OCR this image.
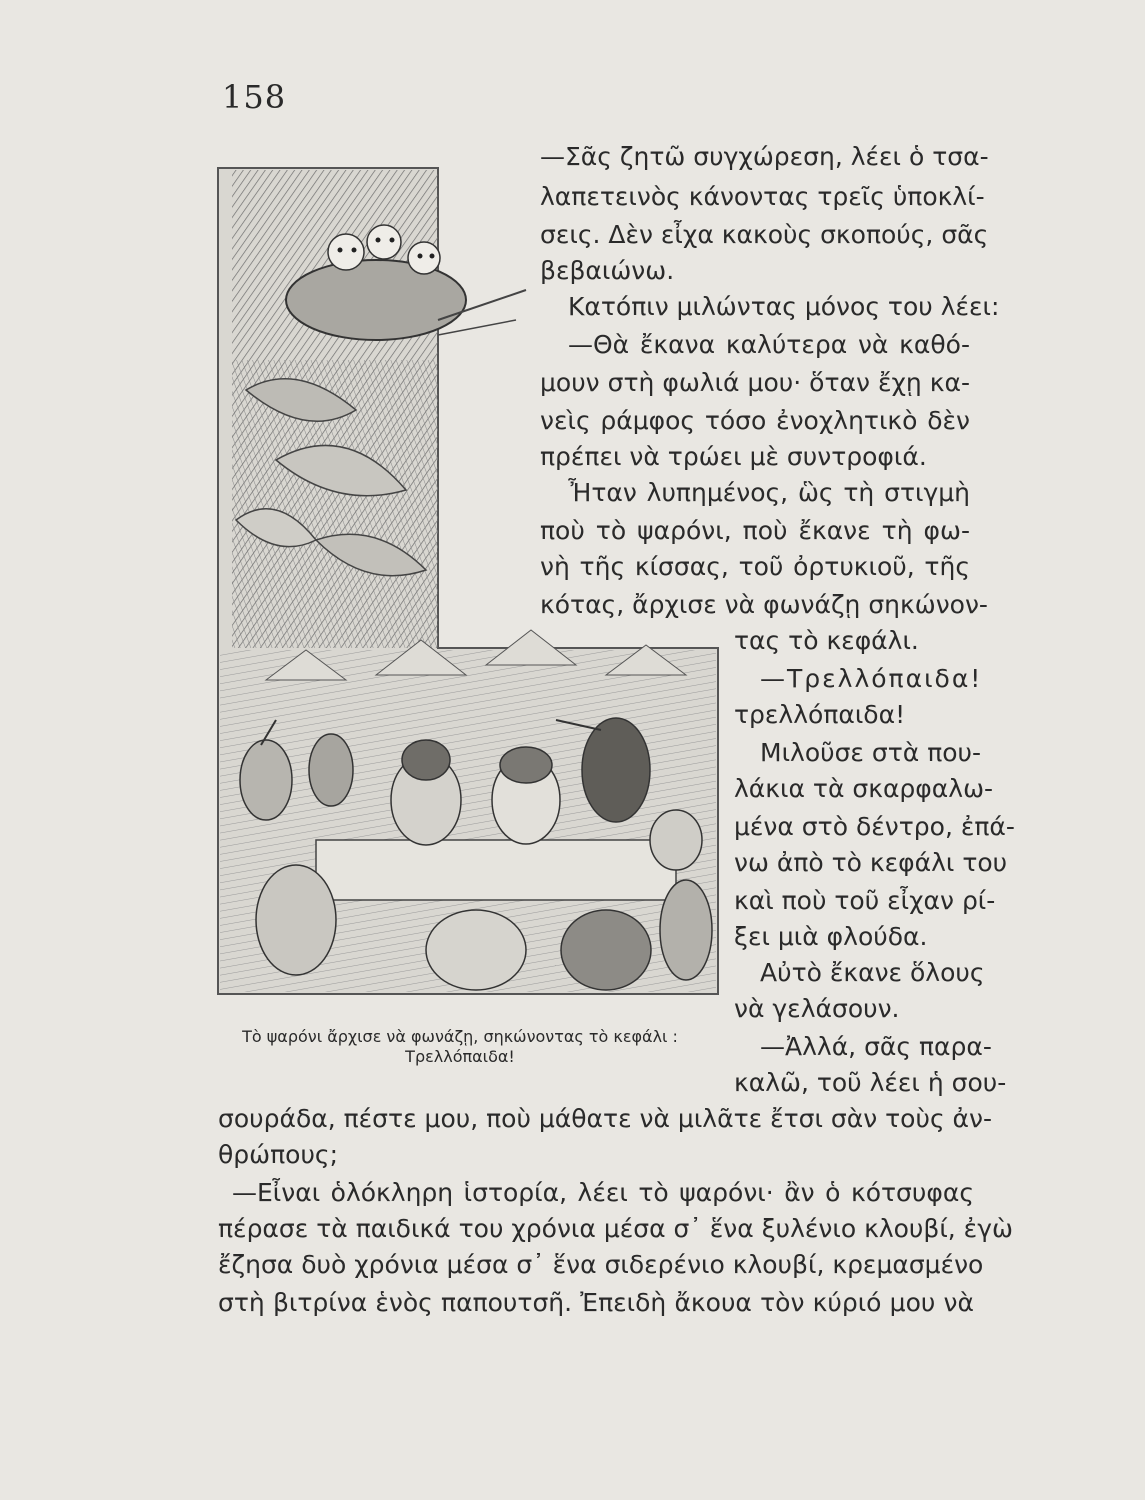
158
—Σᾶς ζητῶ συγχώρεση, λέει ὁ τσα-
λαπετεινὸς κάνοντας τρεῖς ὑποκλί-
σεις. Δὲν εἶχα κακοὺς σκοπούς, σᾶς
βεβαιώνω.
Κατόπιν μιλώντας μόνος του λέει:
—Θὰ ἔκανα καλύτερα νὰ καθό-
μουν στὴ φωλιά μου· ὅταν ἔχῃ κα-
νεὶς ράμφος τόσο ἐνοχλητικὸ δὲν
πρέπει νὰ τρώει μὲ συντροφιά.
Ἦταν λυπημένος, ὣς τὴ στιγμὴ
ποὺ τὸ ψαρόνι, ποὺ ἔκανε τὴ φω-
νὴ τῆς κίσσας, τοῦ ὀρτυκιοῦ, τῆς
κότας, ἄρχισε νὰ φωνάζῃ σηκώνον-
τας τὸ κεφάλι.
—Τρελλόπαιδα!
τρελλόπαιδα!
Μιλοῦσε στὰ που-
λάκια τὰ σκαρφαλω-
μένα στὸ δέντρο, ἐπά-
νω ἀπὸ τὸ κεφάλι του
καὶ ποὺ τοῦ εἶχαν ρί-
ξει μιὰ φλούδα.
Αὐτὸ ἔκανε ὅλους
νὰ γελάσουν.
—Ἀλλά, σᾶς παρα-
καλῶ, τοῦ λέει ἡ σου-
Τὸ ψαρόνι ἄρχισε νὰ φωνάζῃ, σηκώνοντας τὸ κεφάλι :
Τρελλόπαιδα!
σουράδα, πέστε μου, ποὺ μάθατε νὰ μιλᾶτε ἔτσι σὰν τοὺς ἀν-
θρώπους;
—Εἶναι ὁλόκληρη ἱστορία, λέει τὸ ψαρόνι· ἂν ὁ κότσυφας
πέρασε τὰ παιδικά του χρόνια μέσα σ᾽ ἕνα ξυλένιο κλουβί, ἐγὼ
ἔζησα δυὸ χρόνια μέσα σ᾽ ἕνα σιδερένιο κλουβί, κρεμασμένο
στὴ βιτρίνα ἑνὸς παπουτσῆ. Ἐπειδὴ ἄκουα τὸν κύριό μου νὰ
